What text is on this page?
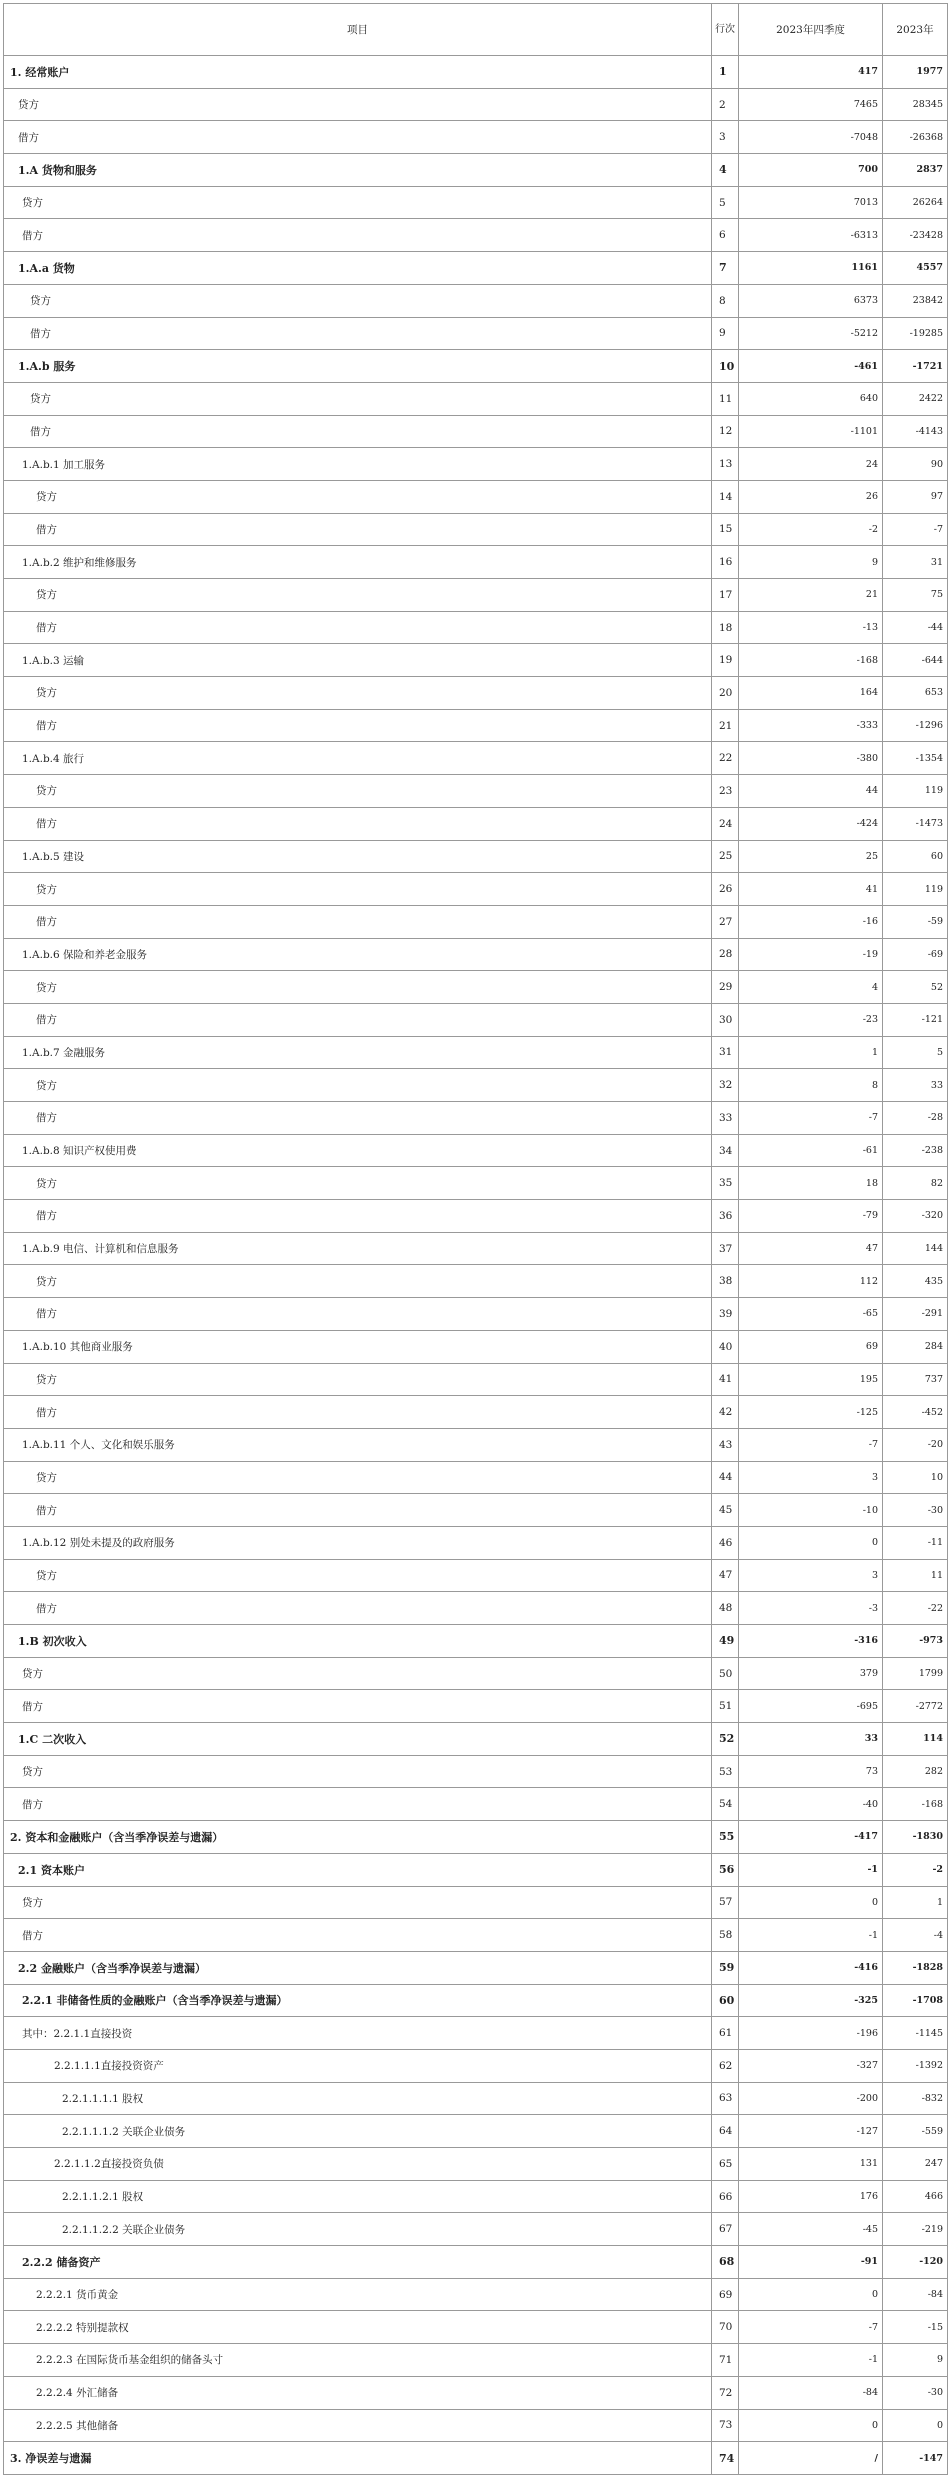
项目	行次	2023年四季度	2023年
1. 经常账户	1	417	1977
贷方	2	7465	28345
借方	3	-7048	-26368
1.A 货物和服务	4	700	2837
贷方	5	7013	26264
借方	6	-6313	-23428
1.A.a 货物	7	1161	4557
贷方	8	6373	23842
借方	9	-5212	-19285
1.A.b 服务	10	-461	-1721
贷方	11	640	2422
借方	12	-1101	-4143
1.A.b.1 加工服务	13	24	90
贷方	14	26	97
借方	15	-2	-7
1.A.b.2 维护和维修服务	16	9	31
贷方	17	21	75
借方	18	-13	-44
1.A.b.3 运输	19	-168	-644
贷方	20	164	653
借方	21	-333	-1296
1.A.b.4 旅行	22	-380	-1354
贷方	23	44	119
借方	24	-424	-1473
1.A.b.5 建设	25	25	60
贷方	26	41	119
借方	27	-16	-59
1.A.b.6 保险和养老金服务	28	-19	-69
贷方	29	4	52
借方	30	-23	-121
1.A.b.7 金融服务	31	1	5
贷方	32	8	33
借方	33	-7	-28
1.A.b.8 知识产权使用费	34	-61	-238
贷方	35	18	82
借方	36	-79	-320
1.A.b.9 电信、计算机和信息服务	37	47	144
贷方	38	112	435
借方	39	-65	-291
1.A.b.10 其他商业服务	40	69	284
贷方	41	195	737
借方	42	-125	-452
1.A.b.11 个人、文化和娱乐服务	43	-7	-20
贷方	44	3	10
借方	45	-10	-30
1.A.b.12 别处未提及的政府服务	46	0	-11
贷方	47	3	11
借方	48	-3	-22
1.B 初次收入	49	-316	-973
贷方	50	379	1799
借方	51	-695	-2772
1.C 二次收入	52	33	114
贷方	53	73	282
借方	54	-40	-168
2. 资本和金融账户（含当季净误差与遗漏）	55	-417	-1830
2.1 资本账户	56	-1	-2
贷方	57	0	1
借方	58	-1	-4
2.2 金融账户（含当季净误差与遗漏）	59	-416	-1828
2.2.1 非储备性质的金融账户（含当季净误差与遗漏）	60	-325	-1708
其中：2.2.1.1直接投资	61	-196	-1145
2.2.1.1.1直接投资资产	62	-327	-1392
2.2.1.1.1.1 股权	63	-200	-832
2.2.1.1.1.2 关联企业债务	64	-127	-559
2.2.1.1.2直接投资负债	65	131	247
2.2.1.1.2.1 股权	66	176	466
2.2.1.1.2.2 关联企业债务	67	-45	-219
2.2.2 储备资产	68	-91	-120
2.2.2.1 货币黄金	69	0	-84
2.2.2.2 特别提款权	70	-7	-15
2.2.2.3 在国际货币基金组织的储备头寸	71	-1	9
2.2.2.4 外汇储备	72	-84	-30
2.2.2.5 其他储备	73	0	0
3. 净误差与遗漏	74	/	-147
